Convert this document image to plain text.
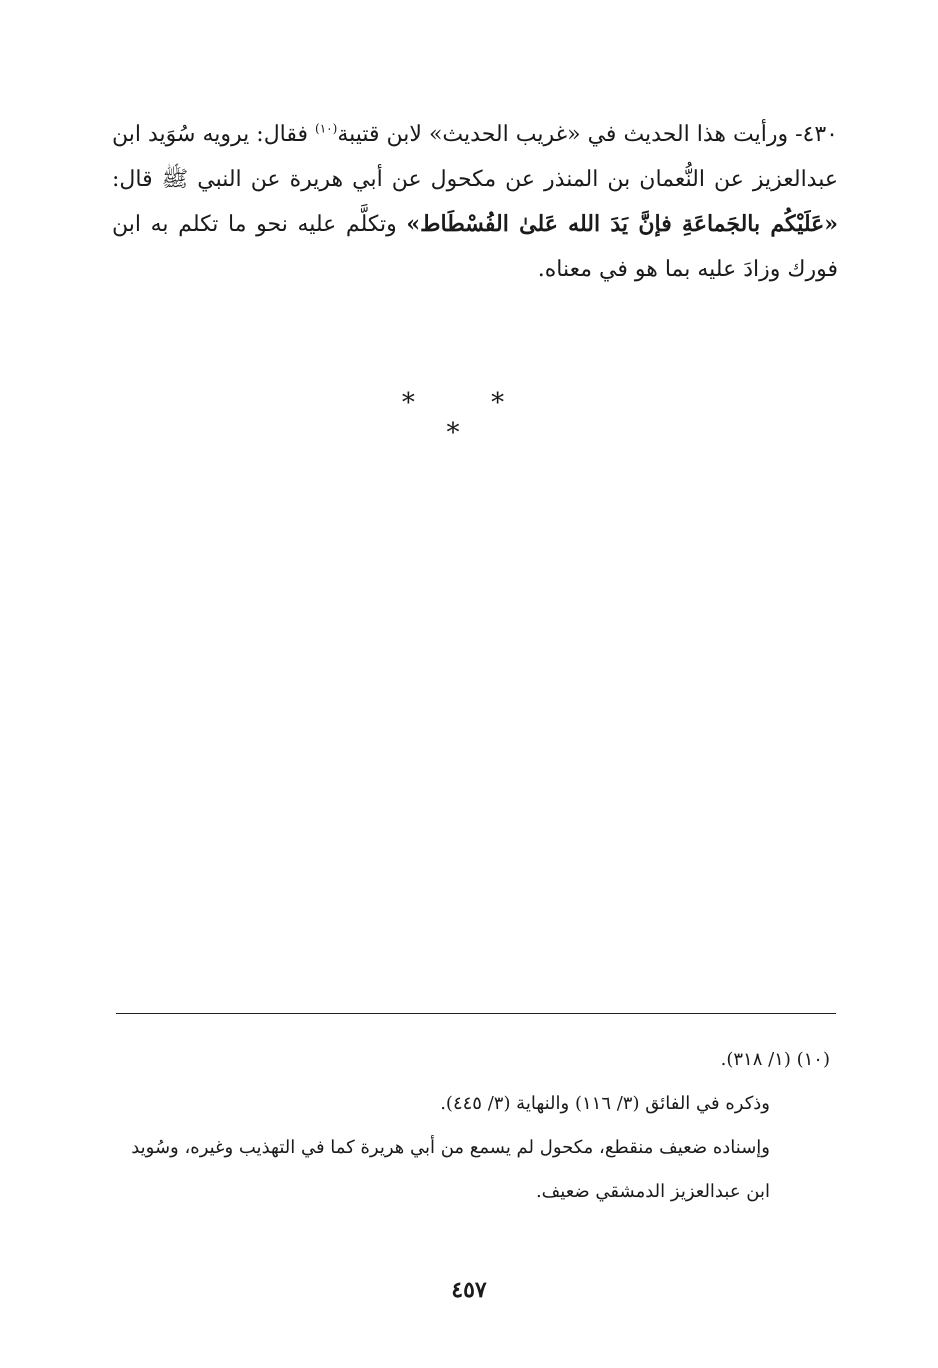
٤٣٠- ورأيت هذا الحديث في «غريب الحديث» لابن قتيبة$^{(١٠)}$ فقال: يرويه سُوَيد ابن عبدالعزيز عن النُّعمان بن المنذر عن مكحول عن أبي هريرة عن النبي ﷺ قال: «عَلَيْكُم بالجَماعَةِ فإنَّ يَدَ الله عَلىٰ الفُسْطَاط» وتكلَّم عليه نحو ما تكلم به ابن فورك وزادَ عليه بما هو في معناه.

* * *

(١٠) (١/ ٣١٨).

وذكره في الفائق (٣/ ١١٦) والنهاية (٣/ ٤٤٥).

وإسناده ضعيف منقطع، مكحول لم يسمع من أبي هريرة كما في التهذيب وغيره، وسُويد ابن عبدالعزيز الدمشقي ضعيف.

٤٥٧
